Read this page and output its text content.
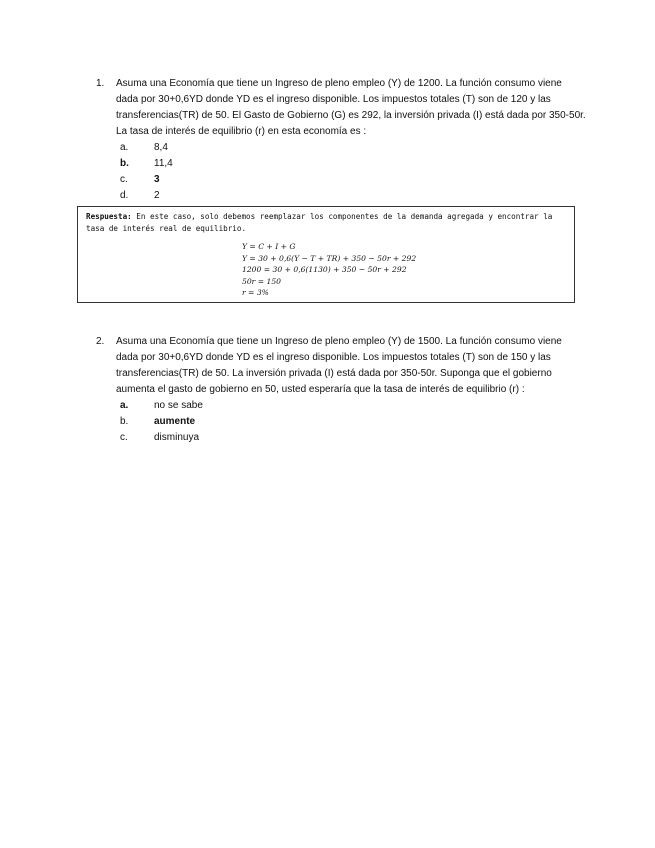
1. Asuma una Economía que tiene un Ingreso de pleno empleo (Y) de 1200. La función consumo viene dada por 30+0,6YD donde YD es el ingreso disponible. Los impuestos totales (T) son de 120 y las transferencias(TR) de 50. El Gasto de Gobierno (G) es 292, la inversión privada (I) está dada por 350-50r. La tasa de interés de equilibrio (r) en esta economía es :
a.	8,4
b.	11,4
c.	3
d.	2
Respuesta: En este caso, solo debemos reemplazar los componentes de la demanda agregada y encontrar la tasa de interés real de equilibrio.
Y = C + I + G
Y = 30 + 0,6(Y − T + TR) + 350 − 50r + 292
1200 = 30 + 0,6(1130) + 350 − 50r + 292
50r = 150
r = 3%
2. Asuma una Economía que tiene un Ingreso de pleno empleo (Y) de 1500. La función consumo viene dada por 30+0,6YD donde YD es el ingreso disponible. Los impuestos totales (T) son de 150 y las transferencias(TR) de 50. La inversión privada (I) está dada por 350-50r. Suponga que el gobierno aumenta el gasto de gobierno en 50, usted esperaría que la tasa de interés de equilibrio (r) :
a.	no se sabe
b.	aumente
c.	disminuya
